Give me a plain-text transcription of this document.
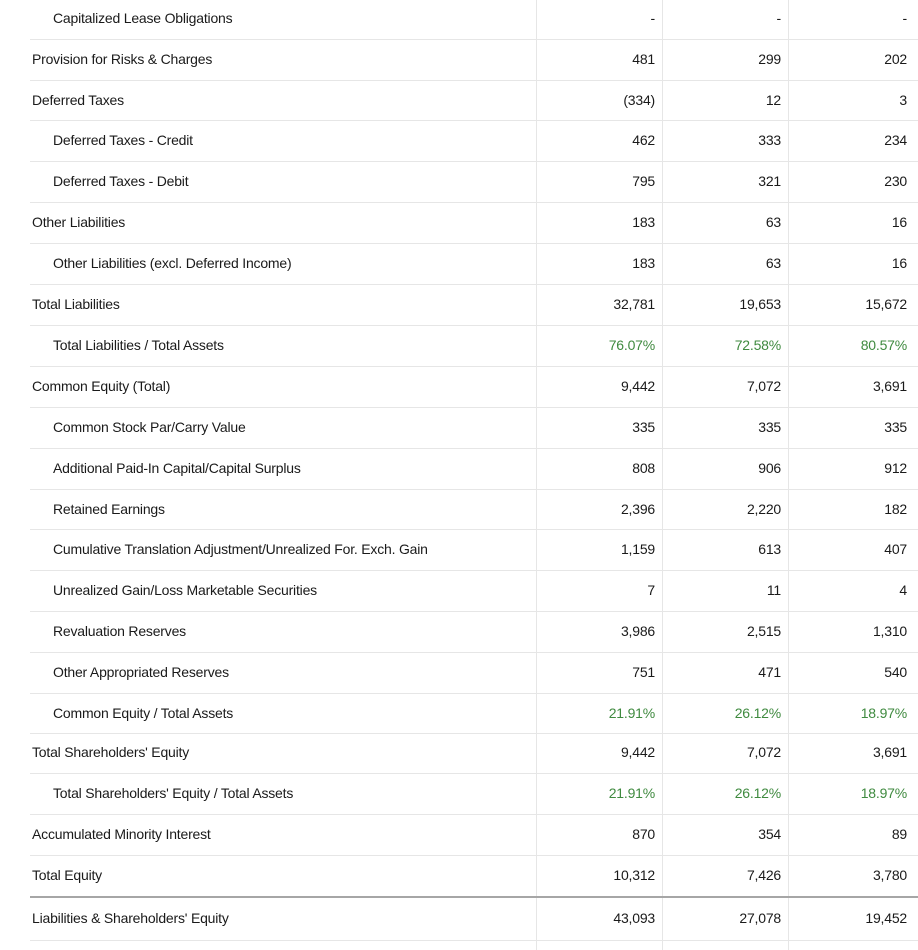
Capitalized Lease Obligations	-	-	-
Provision for Risks & Charges	481	299	202
Deferred Taxes	(334)	12	3
Deferred Taxes - Credit	462	333	234
Deferred Taxes - Debit	795	321	230
Other Liabilities	183	63	16
Other Liabilities (excl. Deferred Income)	183	63	16
Total Liabilities	32,781	19,653	15,672
Total Liabilities / Total Assets	76.07%	72.58%	80.57%
Common Equity (Total)	9,442	7,072	3,691
Common Stock Par/Carry Value	335	335	335
Additional Paid-In Capital/Capital Surplus	808	906	912
Retained Earnings	2,396	2,220	182
Cumulative Translation Adjustment/Unrealized For. Exch. Gain	1,159	613	407
Unrealized Gain/Loss Marketable Securities	7	11	4
Revaluation Reserves	3,986	2,515	1,310
Other Appropriated Reserves	751	471	540
Common Equity / Total Assets	21.91%	26.12%	18.97%
Total Shareholders' Equity	9,442	7,072	3,691
Total Shareholders' Equity / Total Assets	21.91%	26.12%	18.97%
Accumulated Minority Interest	870	354	89
Total Equity	10,312	7,426	3,780
Liabilities & Shareholders' Equity	43,093	27,078	19,452
